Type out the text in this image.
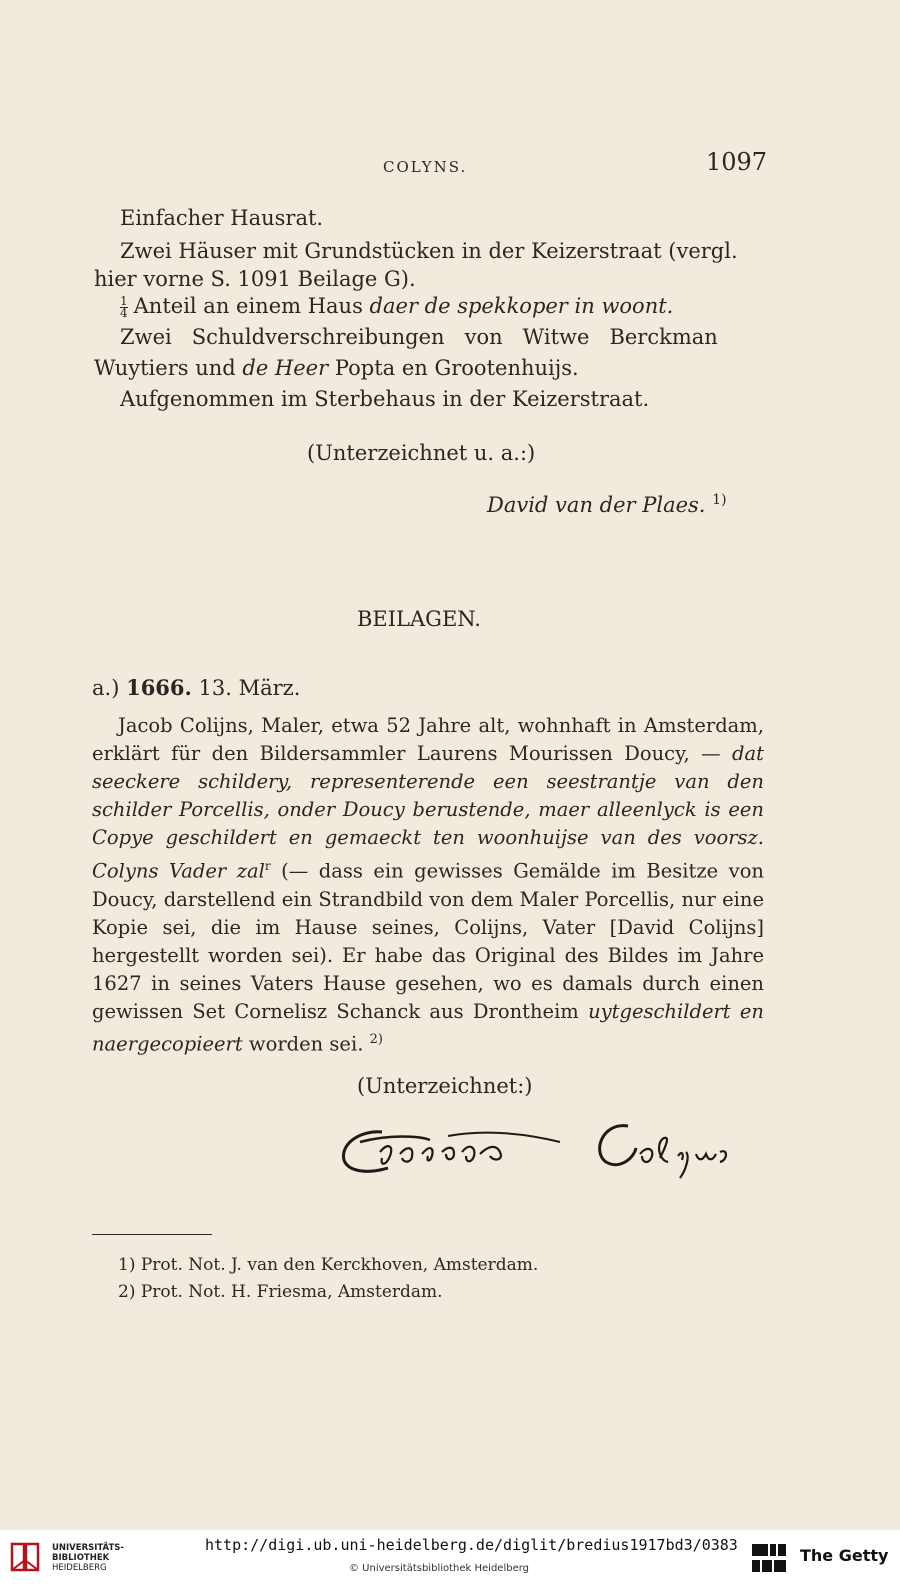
COLYNS.	1097
Einfacher Hausrat.
Zwei Häuser mit Grundstücken in der Keizerstraat (vergl.
hier vorne S. 1091 Beilage G).
$\frac{1}{4}$ Anteil an einem Haus daer de spekkoper in woont.
Zwei   Schuldverschreibungen   von   Witwe   Berckman
Wuytiers und de Heer Popta en Grootenhuijs.
Aufgenommen im Sterbehaus in der Keizerstraat.
(Unterzeichnet u. a.:)
David van der Plaes. $^{1)}$
BEILAGEN.
a.) 1666. 13. März.

Jacob Colijns, Maler, etwa 52 Jahre alt, wohnhaft in Amsterdam, erklärt für den Bildersammler Laurens Mourissen Doucy, — dat seeckere schildery, representerende een seestrantje van den schilder Porcellis, onder Doucy berustende, maer alleenlyck is een Copye geschildert en gemaeckt ten woonhuijse van des voorsz. Colyns Vader zal$^r$ (— dass ein gewisses Gemälde im Besitze von Doucy, darstellend ein Strandbild von dem Maler Porcellis, nur eine Kopie sei, die im Hause seines, Colijns, Vater [David Colijns] hergestellt worden sei). Er habe das Original des Bildes im Jahre 1627 in seines Vaters Hause gesehen, wo es damals durch einen gewissen Set Cornelisz Schanck aus Drontheim uytgeschildert en naergecopieert worden sei. $^{2)}$

(Unterzeichnet:)
1) Prot. Not. J. van den Kerckhoven, Amsterdam.
2) Prot. Not. H. Friesma, Amsterdam.
UNIVERSITÄTS-
BIBLIOTHEK
HEIDELBERG
http://digi.ub.uni-heidelberg.de/diglit/bredius1917bd3/0383
© Universitätsbibliothek Heidelberg
The Getty
